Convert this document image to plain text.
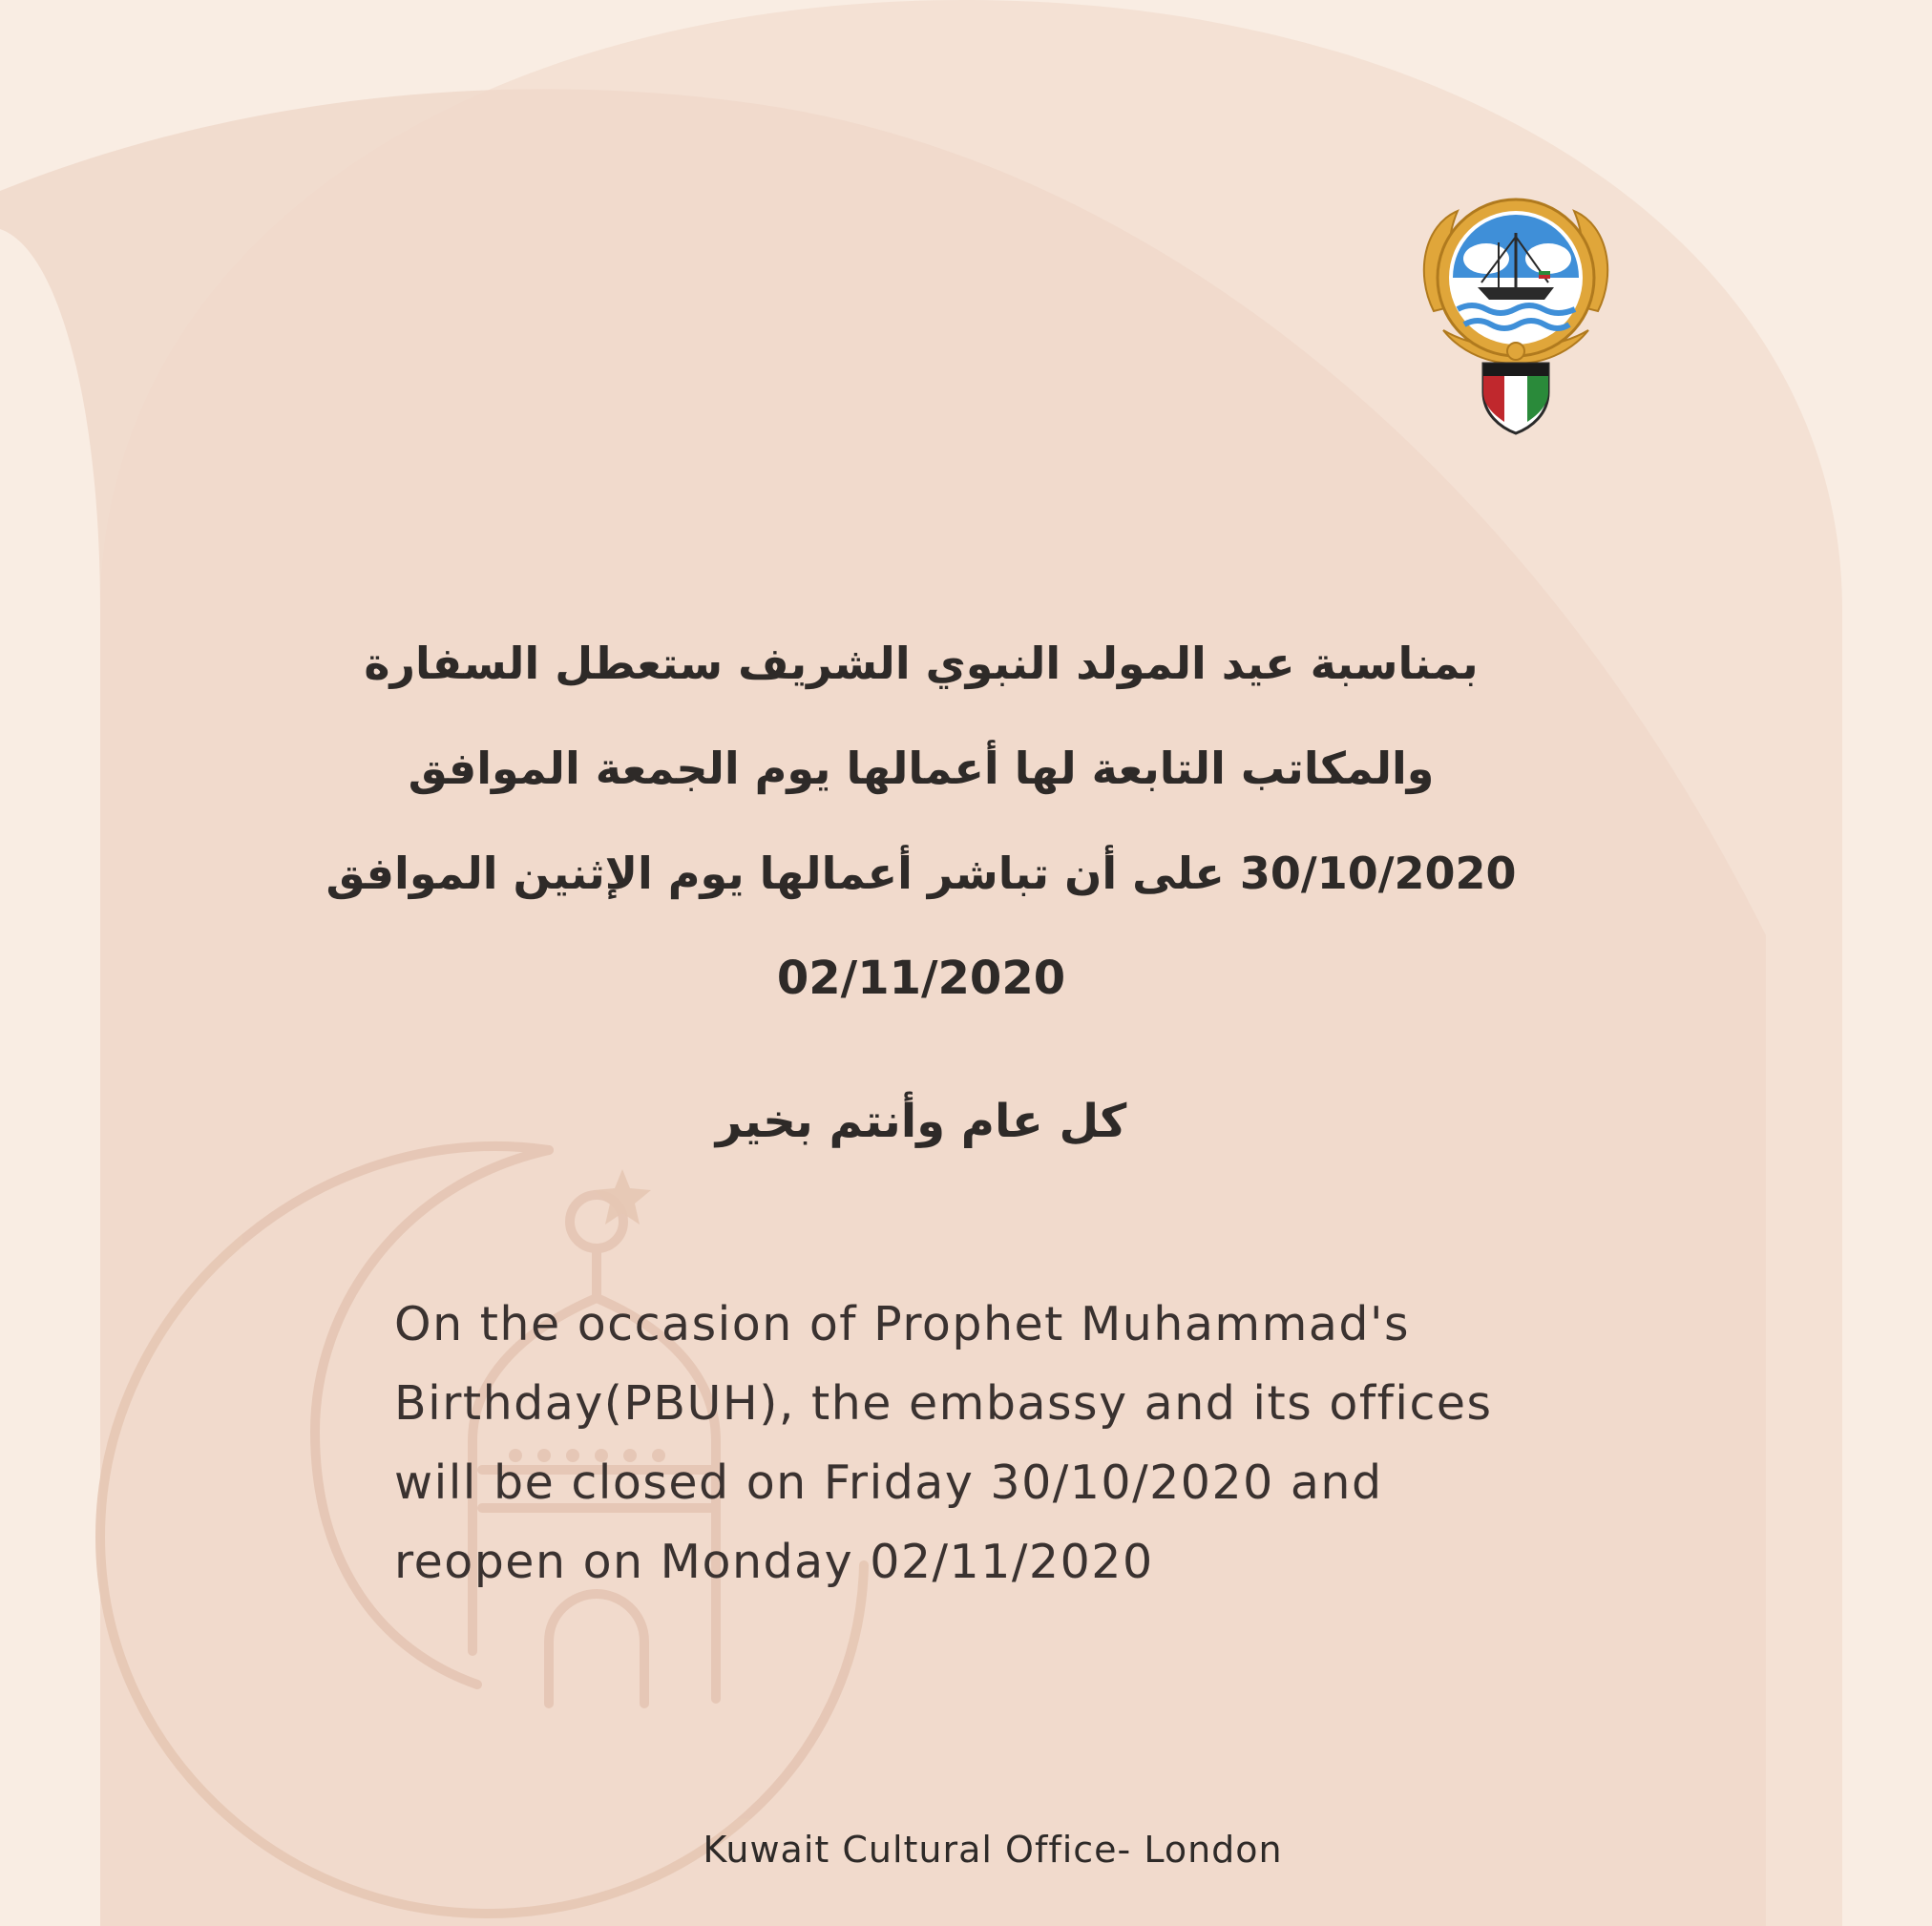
بمناسبة عيد المولد النبوي الشريف ستعطل السفارة
والمكاتب التابعة لها أعمالها يوم الجمعة الموافق
30/10/2020 على أن تباشر أعمالها يوم الإثنين الموافق
02/11/2020
كل عام وأنتم بخير
On the occasion of Prophet Muhammad's
Birthday(PBUH), the embassy and its offices
will be closed on Friday 30/10/2020 and
reopen on Monday 02/11/2020
Kuwait Cultural Office- London
